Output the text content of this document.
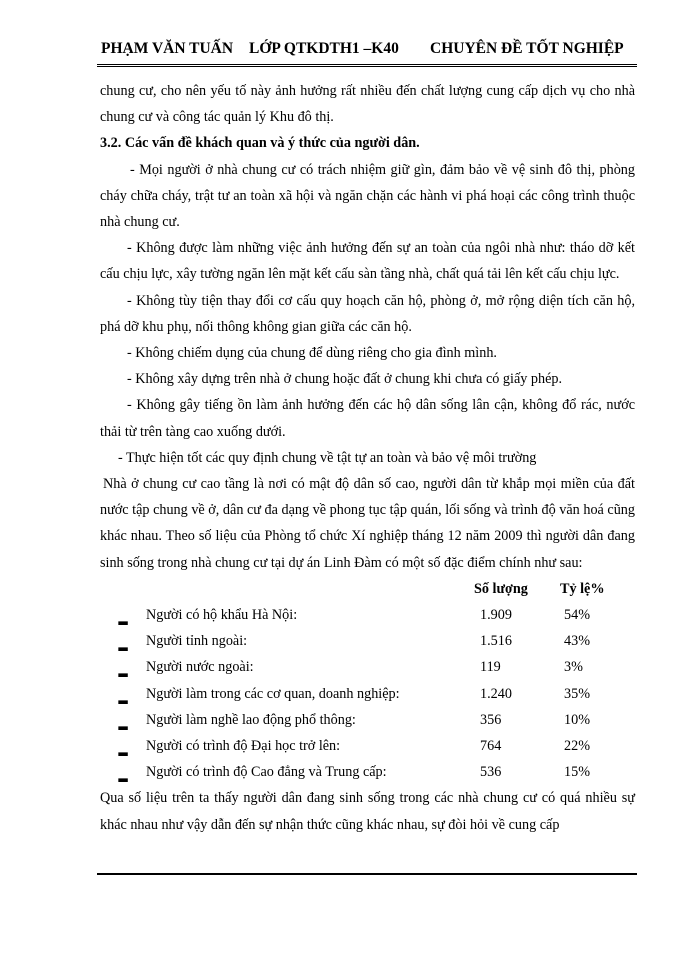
PHẠM VĂN TUẤN LỚP QTKDTH1 –K40 CHUYÊN ĐỀ TỐT NGHIỆP

chung cư, cho nên yếu tố này ảnh hưởng rất nhiều đến chất lượng cung cấp dịch vụ cho nhà chung cư và công tác quản lý Khu đô thị.

3.2. Các vấn đề khách quan và ý thức của người dân.

- Mọi người ở nhà chung cư có trách nhiệm giữ gìn, đảm bảo về vệ sinh đô thị, phòng cháy chữa cháy, trật tư an toàn xã hội và ngăn chặn các hành vi phá hoại các công trình thuộc nhà chung cư.

- Không được làm những việc ảnh hưởng đến sự an toàn của ngôi nhà như: tháo dỡ kết cấu chịu lực, xây tường ngăn lên mặt kết cấu sàn tầng nhà, chất quá tải lên kết cấu chịu lực.

- Không tùy tiện thay đổi cơ cấu quy hoạch căn hộ, phòng ở, mở rộng diện tích căn hộ, phá dỡ khu phụ, nối thông không gian giữa các căn hộ.

- Không chiếm dụng của chung để dùng riêng cho gia đình mình.

- Không xây dựng trên nhà ở chung hoặc đất ở chung khi chưa có giấy phép.

- Không gây tiếng ồn làm ảnh hưởng đến các hộ dân sống lân cận, không đổ rác, nước thải từ trên tàng cao xuống dưới.

- Thực hiện tốt các quy định chung về tật tự an toàn và bảo vệ môi trường

Nhà ở chung cư cao tầng là nơi có mật độ dân số cao, người dân từ khắp mọi miền của đất nước tập chung về ở, dân cư đa dạng về phong tục tập quán, lối sống và trình độ văn hoá cũng khác nhau. Theo số liệu của Phòng tổ chức Xí nghiệp tháng 12 năm 2009 thì người dân đang sinh sống trong nhà chung cư tại dự án Linh Đàm có một số đặc điểm chính như sau:

		Số lượng	Tỷ lệ%
▂	Người có hộ khẩu Hà Nội:	1.909	54%
▂	Người tỉnh ngoài:	1.516	43%
▂	Người nước ngoài:	119	3%
▂	Người làm trong các cơ quan, doanh nghiệp:	1.240	35%
▂	Người làm nghề lao động phổ thông:	356	10%
▂	Người có trình độ Đại học trở lên:	764	22%
▂	Người có trình độ Cao đẳng và Trung cấp:	536	15%

Qua số liệu trên ta thấy người dân đang sinh sống trong các nhà chung cư có quá nhiều sự khác nhau như vậy dẫn đến sự nhận thức cũng khác nhau, sự đòi hỏi về cung cấp
